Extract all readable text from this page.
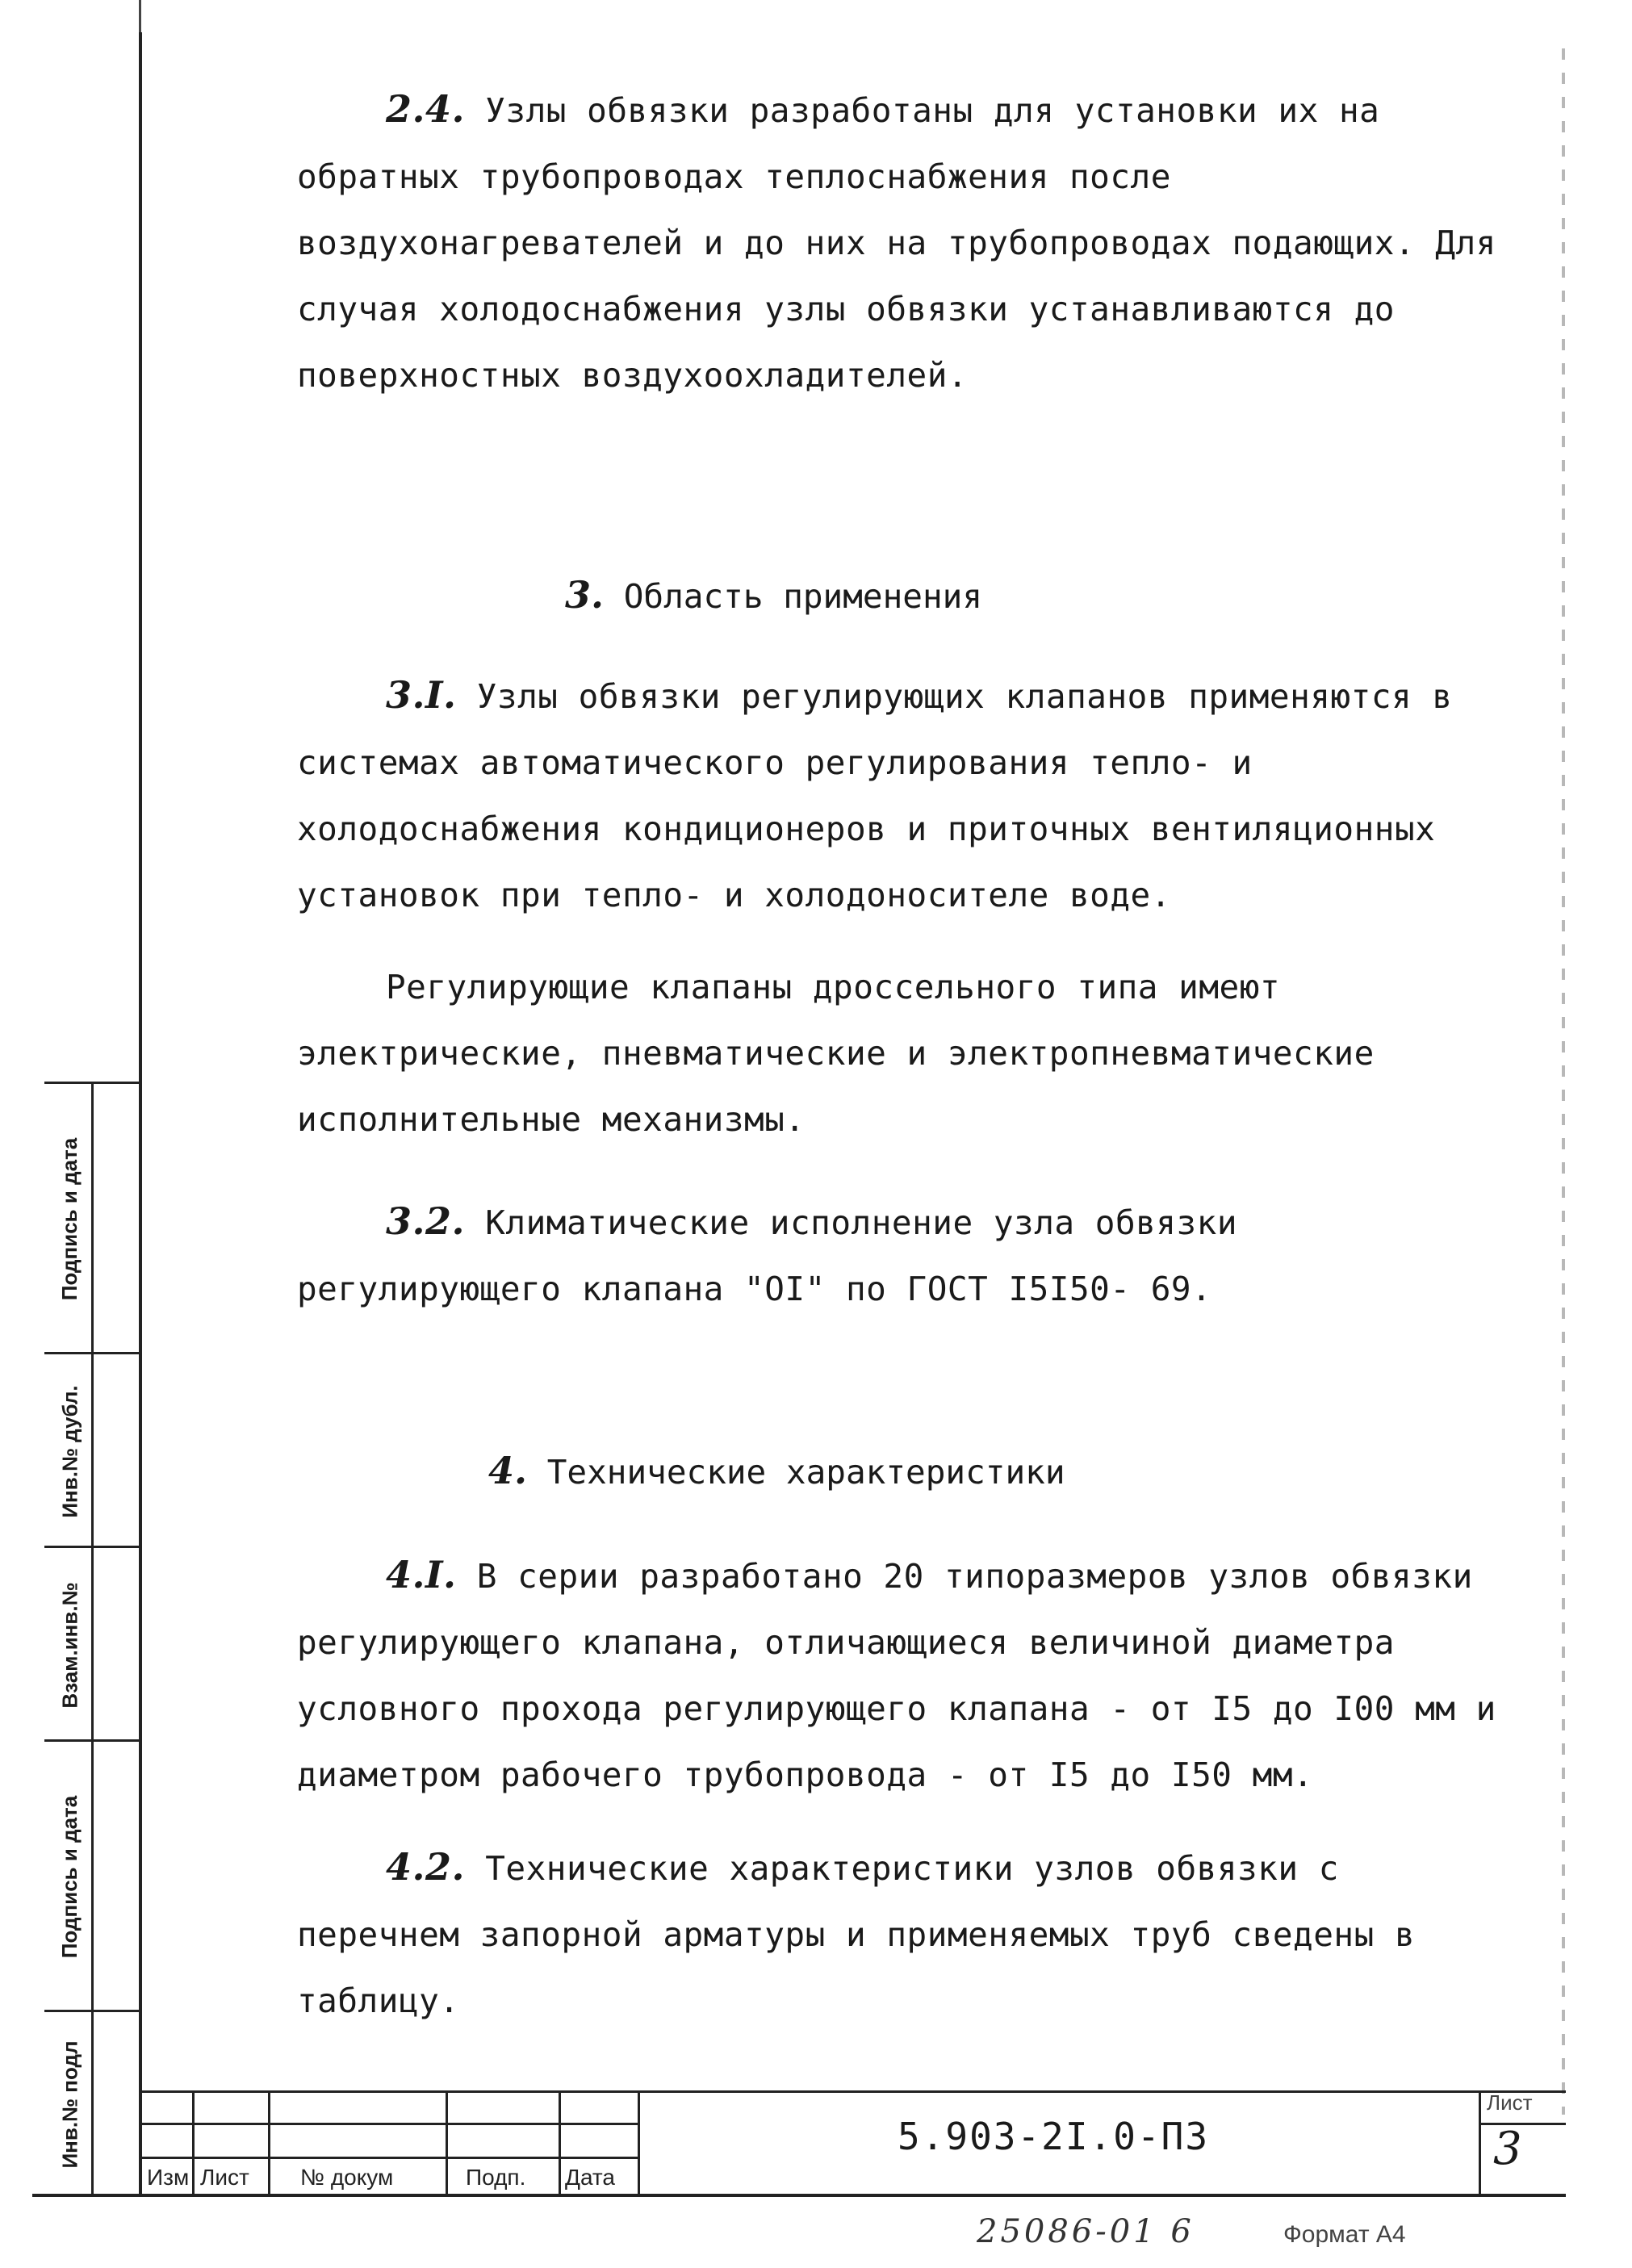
2.4. Узлы обвязки разработаны для установки их на обратных трубопроводах теплоснабжения после воздухонагревателей и до них на трубопроводах подающих. Для случая холодоснабжения узлы обвязки устанавливаются до поверхностных воздухоохладителей.

3. Область применения

3.I. Узлы обвязки регулирующих клапанов применяются в системах автоматического регулирования тепло- и холодоснабжения кондиционеров и приточных вентиляционных установок при тепло- и холодоносителе воде.

Регулирующие клапаны дроссельного типа имеют электрические, пневматические и электропневматические исполнительные механизмы.

3.2. Климатические исполнение узла обвязки регулирующего клапана "OI" по ГОСТ I5I50- 69.

4. Технические характеристики

4.I. В серии разработано 20 типоразмеров узлов обвязки регулирующего клапана, отличающиеся величиной диаметра условного прохода регулирующего клапана - от I5 до I00 мм и диаметром рабочего трубопровода - от I5 до I50 мм.

4.2. Технические характеристики узлов обвязки с перечнем запорной арматуры и применяемых труб сведены в таблицу.

Подпись и дата
Инв.№ дубл.
Взам.инв.№
Подпись и дата
Инв.№ подл
Изм Лист № докум	Подп. Дата
5.903-2I.0-ПЗ
Лист
3
25086-01 6	Формат А4
